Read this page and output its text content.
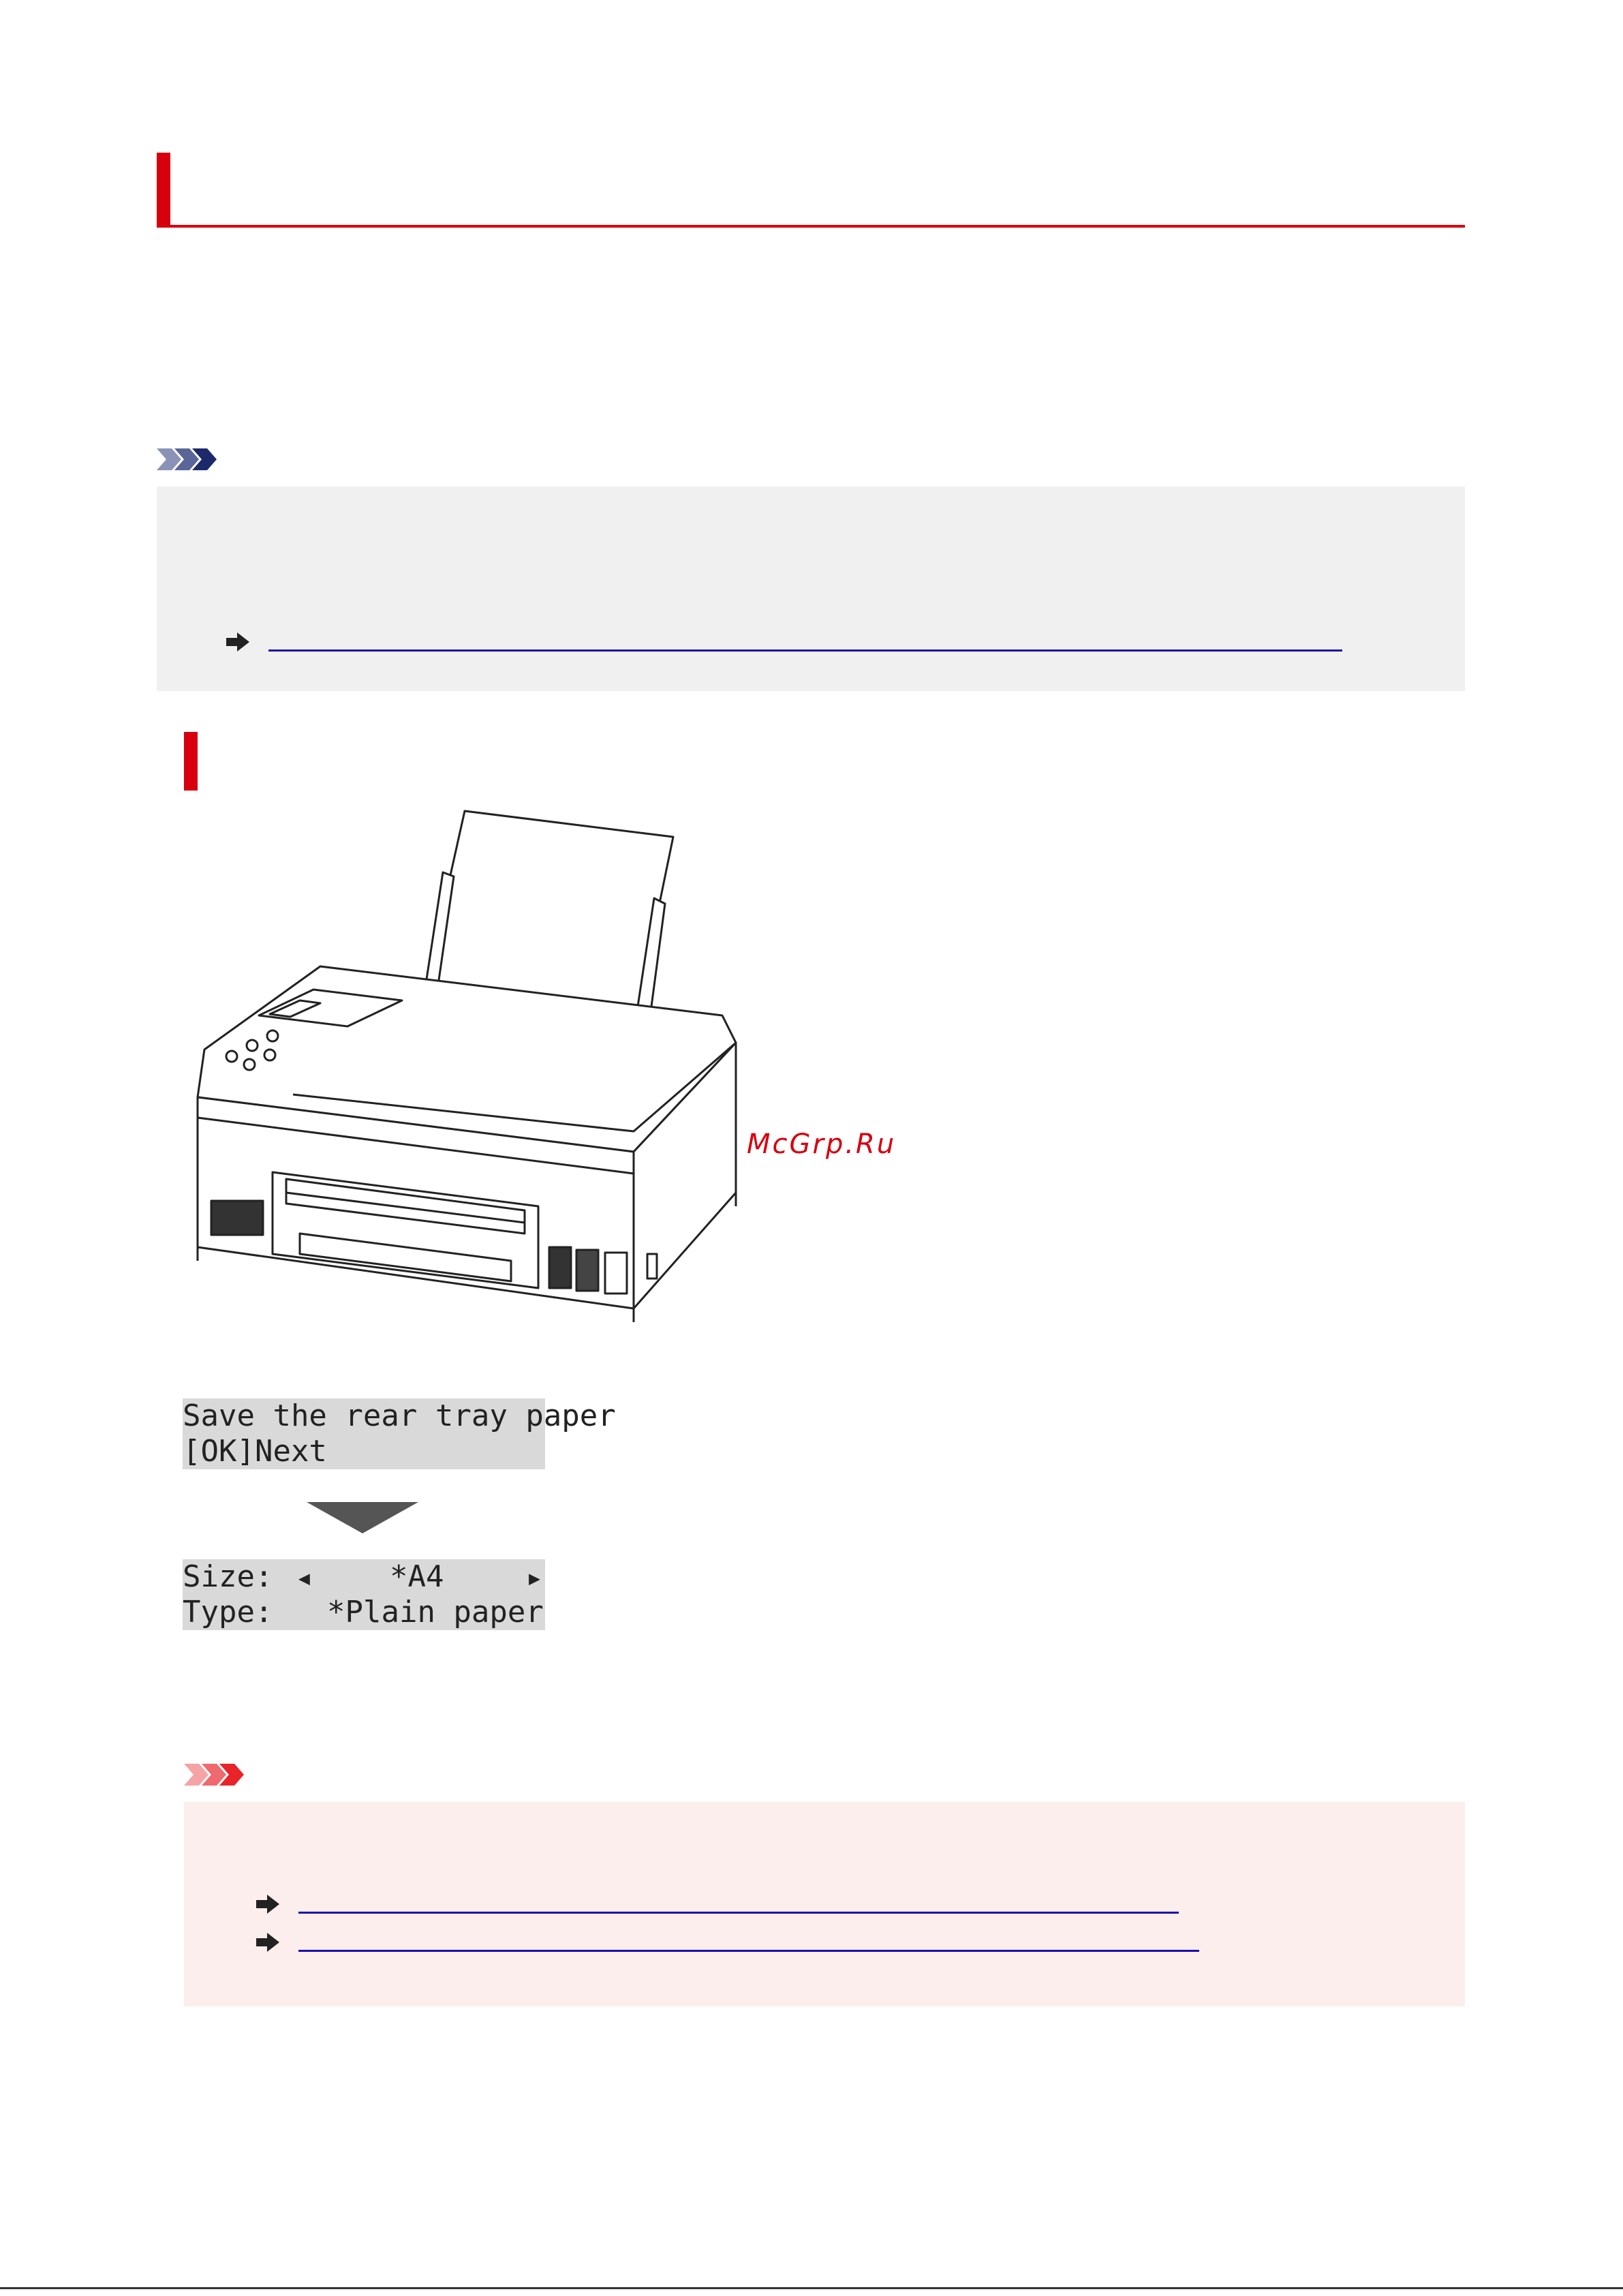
McGrp.Ru

Save the rear tray paper

[OK]Next

Size:

◀

	*A4

	▶

Type:

*Plain paper
